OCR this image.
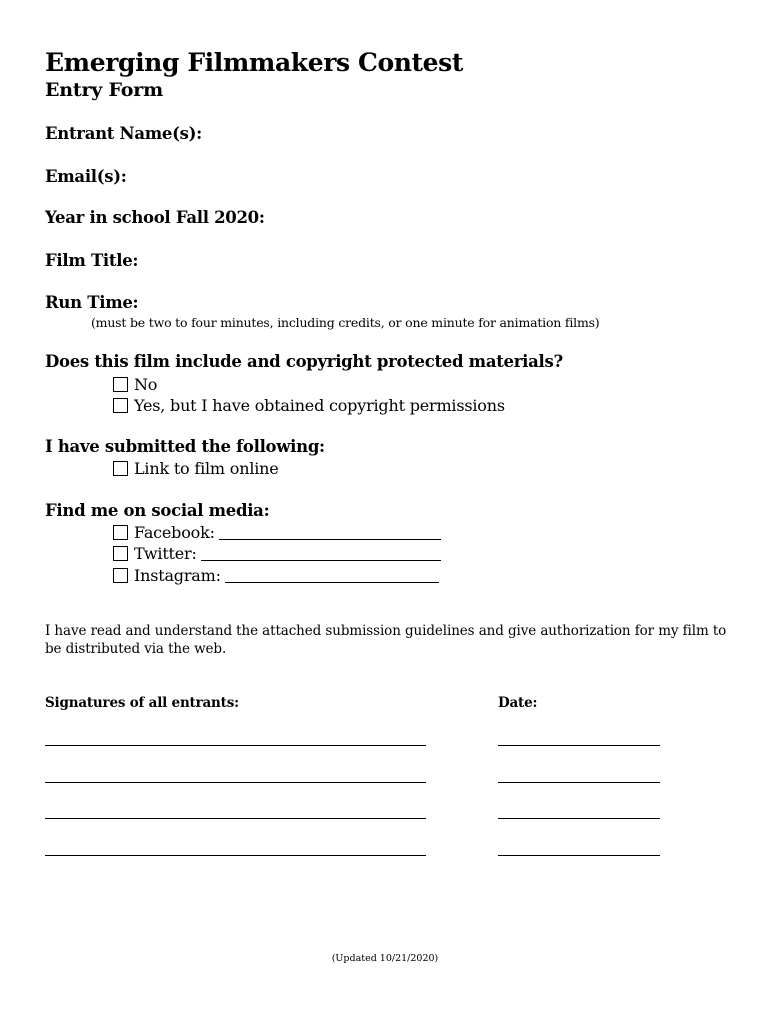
Emerging Filmmakers Contest
Entry Form
Entrant Name(s):
Email(s):
Year in school Fall 2020:
Film Title:
Run Time:
(must be two to four minutes, including credits, or one minute for animation films)
Does this film include and copyright protected materials?
No
Yes, but I have obtained copyright permissions
I have submitted the following:
Link to film online
Find me on social media:
Facebook:
Twitter:
Instagram:
I have read and understand the attached submission guidelines and give authorization for my film to be distributed via the web.
Signatures of all entrants:	Date:
(Updated 10/21/2020)
